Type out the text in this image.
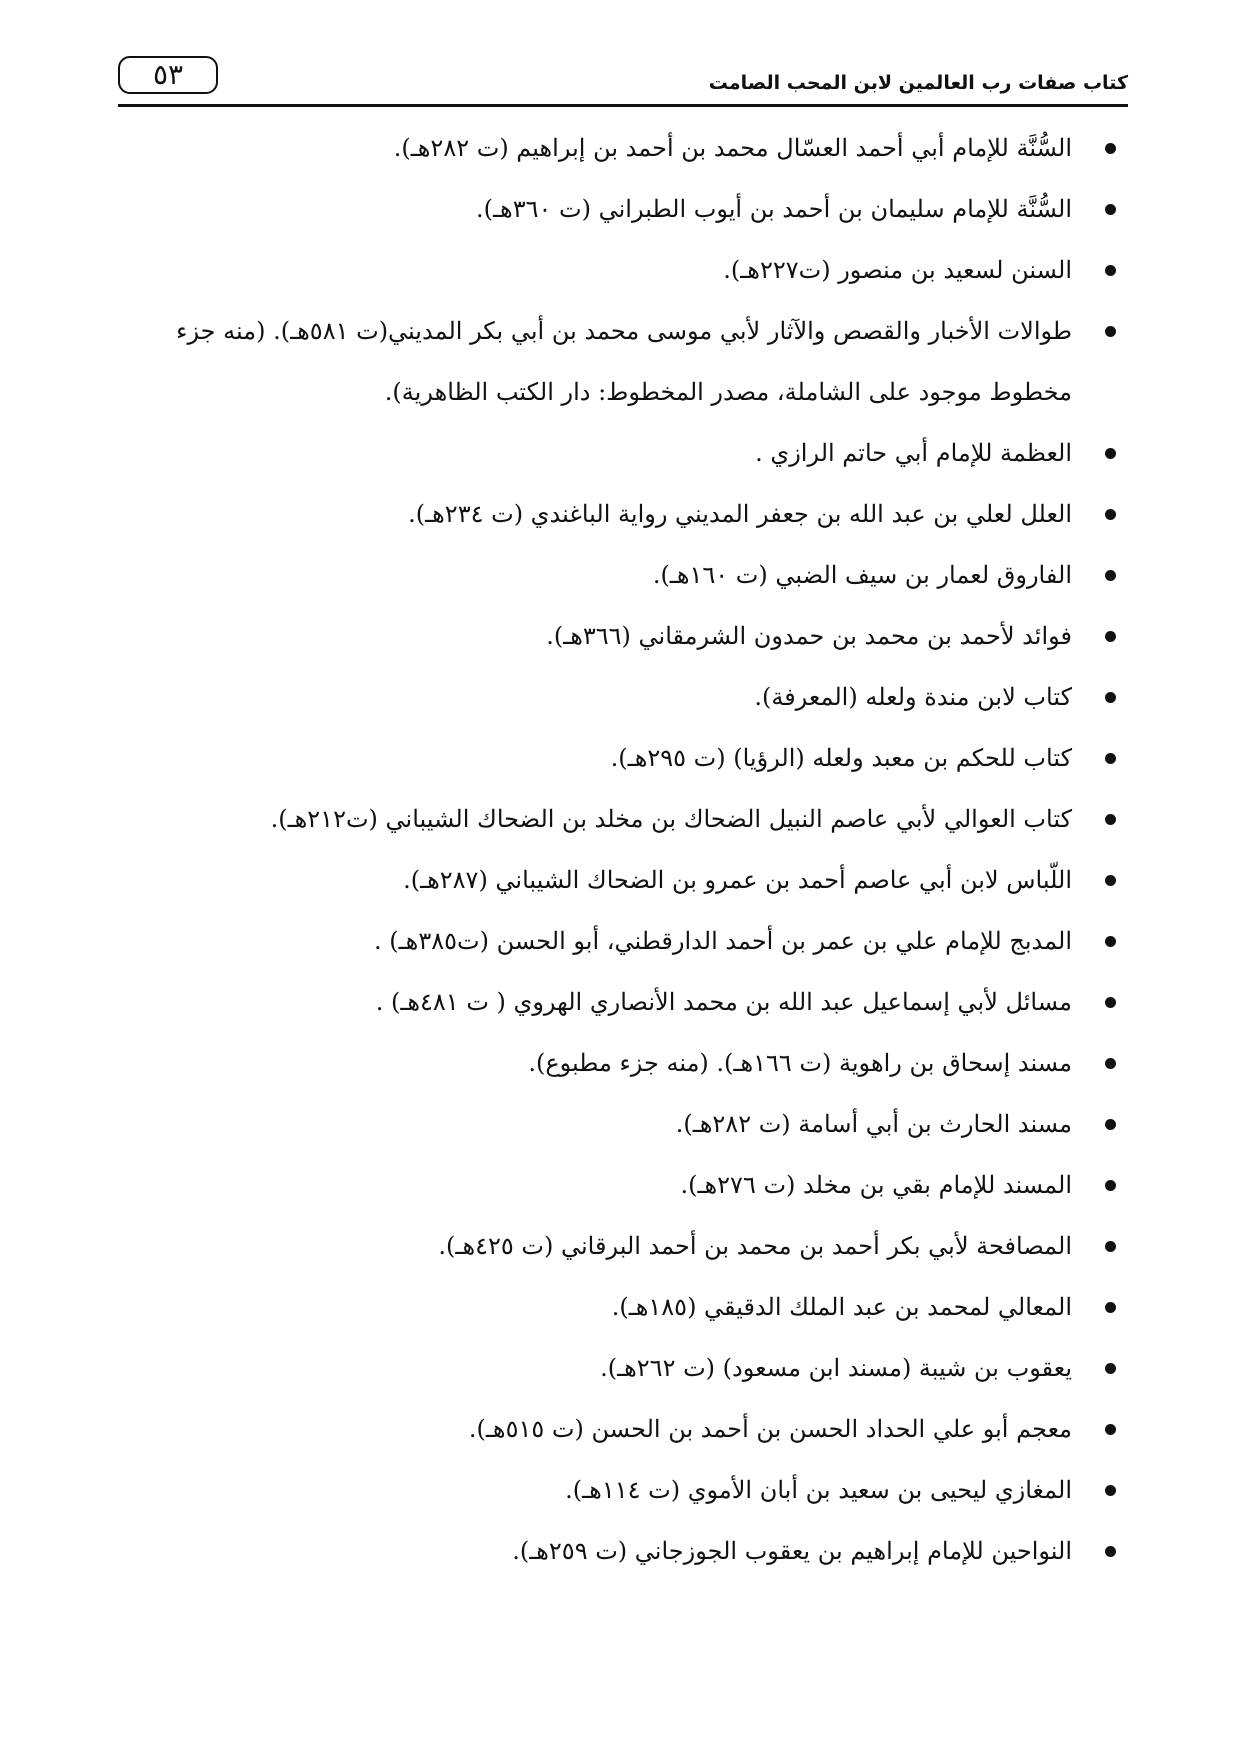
٥٣	كتاب صفات رب العالمين لابن المحب الصامت
السُّنَّة للإمام أبي أحمد العسّال محمد بن أحمد بن إبراهيم (ت ٢٨٢هـ).
السُّنَّة للإمام سليمان بن أحمد بن أيوب الطبراني (ت ٣٦٠هـ).
السنن لسعيد بن منصور (ت٢٢٧هـ).
طوالات الأخبار والقصص والآثار لأبي موسى محمد بن أبي بكر المديني(ت ٥٨١هـ). (منه جزء مخطوط موجود على الشاملة، مصدر المخطوط: دار الكتب الظاهرية).
العظمة للإمام أبي حاتم الرازي .
العلل لعلي بن عبد الله بن جعفر المديني رواية الباغندي (ت ٢٣٤هـ).
الفاروق لعمار بن سيف الضبي (ت ١٦٠هـ).
فوائد لأحمد بن محمد بن حمدون الشرمقاني (٣٦٦هـ).
كتاب لابن مندة ولعله (المعرفة).
كتاب للحكم بن معبد ولعله (الرؤيا) (ت ٢٩٥هـ).
كتاب العوالي لأبي عاصم النبيل الضحاك بن مخلد بن الضحاك الشيباني (ت٢١٢هـ).
اللّباس لابن أبي عاصم أحمد بن عمرو بن الضحاك الشيباني (٢٨٧هـ).
المدبج للإمام علي بن عمر بن أحمد الدارقطني، أبو الحسن (ت٣٨٥هـ) .
مسائل لأبي إسماعيل عبد الله بن محمد الأنصاري الهروي ( ت ٤٨١هـ) .
مسند إسحاق بن راهوية (ت ١٦٦هـ). (منه جزء مطبوع).
مسند الحارث بن أبي أسامة (ت ٢٨٢هـ).
المسند للإمام بقي بن مخلد (ت ٢٧٦هـ).
المصافحة لأبي بكر أحمد بن محمد بن أحمد البرقاني (ت ٤٢٥هـ).
المعالي لمحمد بن عبد الملك الدقيقي (١٨٥هـ).
يعقوب بن شيبة (مسند ابن مسعود) (ت ٢٦٢هـ).
معجم أبو علي الحداد الحسن بن أحمد بن الحسن (ت ٥١٥هـ).
المغازي ليحيى بن سعيد بن أبان الأموي (ت ١١٤هـ).
النواحين للإمام إبراهيم بن يعقوب الجوزجاني (ت ٢٥٩هـ).
